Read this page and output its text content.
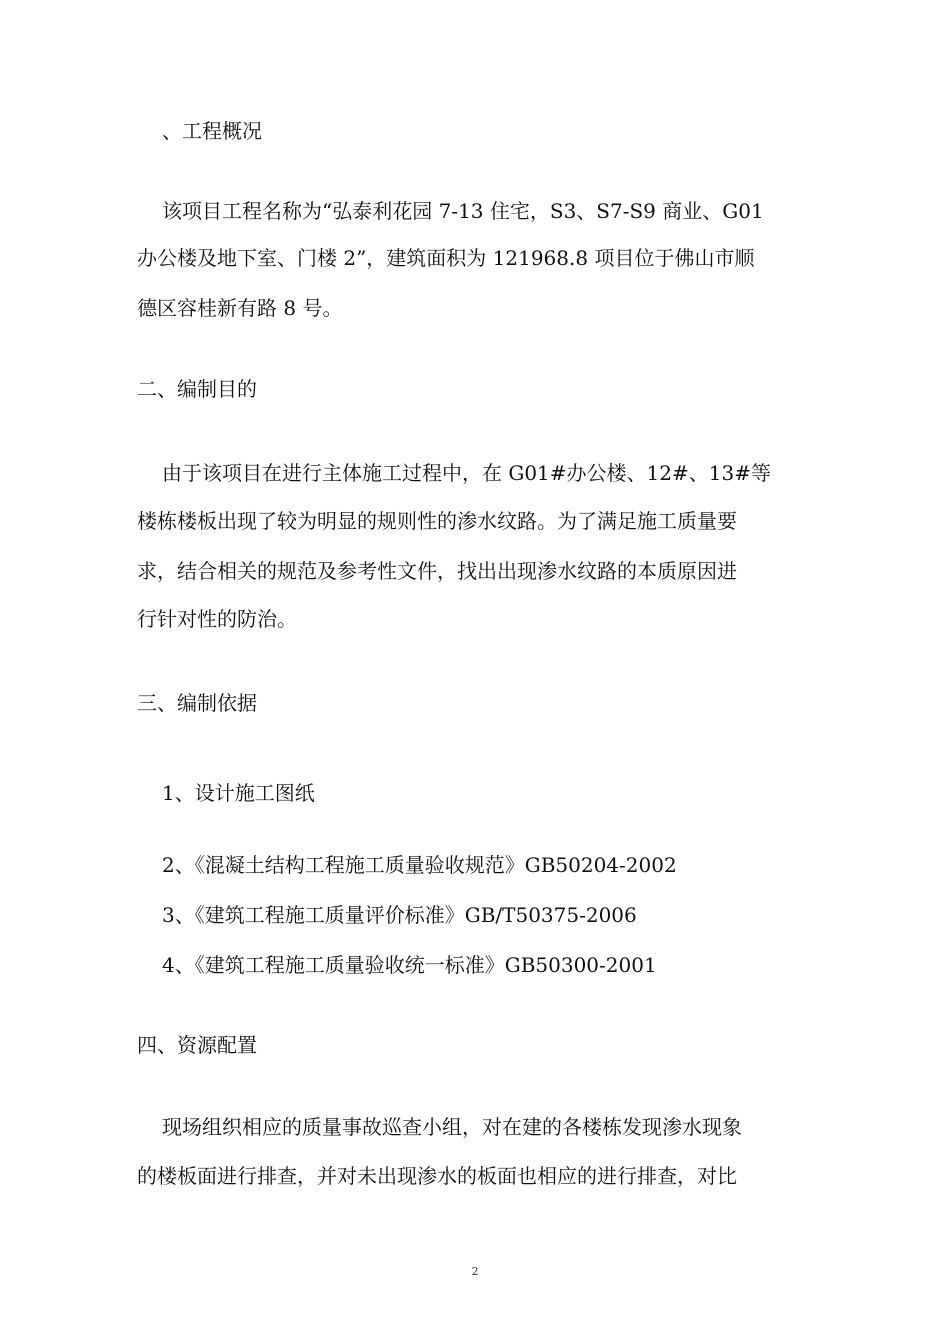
、工程概况
该项目工程名称为“弘泰利花园 7-13 住宅，S3、S7-S9 商业、G01
办公楼及地下室、门楼 2”，建筑面积为 121968.8 项目位于佛山市顺
德区容桂新有路 8 号。
二、编制目的
由于该项目在进行主体施工过程中，在 G01#办公楼、12#、13#等
楼栋楼板出现了较为明显的规则性的渗水纹路。为了满足施工质量要
求，结合相关的规范及参考性文件，找出出现渗水纹路的本质原因进
行针对性的防治。
三、编制依据
1、设计施工图纸
2、《混凝土结构工程施工质量验收规范》GB50204-2002
3、《建筑工程施工质量评价标准》GB/T50375-2006
4、《建筑工程施工质量验收统一标准》GB50300-2001
四、资源配置
现场组织相应的质量事故巡查小组，对在建的各楼栋发现渗水现象
的楼板面进行排查，并对未出现渗水的板面也相应的进行排查，对比
2
